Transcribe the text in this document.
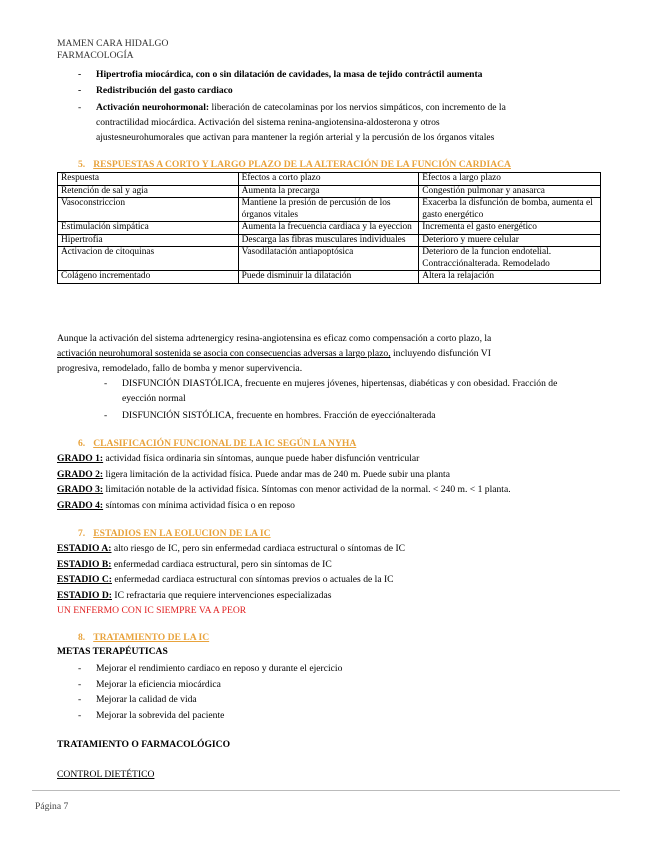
MAMEN CARA HIDALGO
FARMACOLOGÍA
- Hipertrofia miocárdica, con o sin dilatación de cavidades, la masa de tejido contráctil aumenta
- Redistribución del gasto cardiaco
- Activación neurohormonal: liberación de catecolaminas por los nervios simpáticos, con incremento de la
contractilidad miocárdica. Activación del sistema renina-angiotensina-aldosterona y otros
ajustesneurohumorales que activan para mantener la región arterial y la percusión de los órganos vitales
5. RESPUESTAS A CORTO Y LARGO PLAZO DE LA ALTERACIÓN DE LA FUNCIÓN CARDIACA
Respuesta	Efectos a corto plazo	Efectos a largo plazo
Retención de sal y agia	Aumenta la precarga	Congestión pulmonar y anasarca
Vasoconstriccion	Mantiene la presión de percusión de los órganos vitales	Exacerba la disfunción de bomba, aumenta el gasto energético
Estimulación simpática	Aumenta la frecuencia cardiaca y la eyeccion	Incrementa el gasto energético
Hipertrofia	Descarga las fibras musculares individuales	Deterioro y muere celular
Activacion de citoquinas	Vasodilatación antiapoptósica	Deterioro de la funcion endotelial. Contracciónalterada. Remodelado
Colágeno incrementado	Puede disminuir la dilatación	Altera la relajación
Aunque la activación del sistema adrtenergicy resina-angiotensina es eficaz como compensación a corto plazo, la
activación neurohumoral sostenida se asocia con consecuencias adversas a largo plazo, incluyendo disfunción VI
progresiva, remodelado, fallo de bomba y menor supervivencia.
- DISFUNCIÓN DIASTÓLICA, frecuente en mujeres jóvenes, hipertensas, diabéticas y con obesidad. Fracción de
eyección normal
- DISFUNCIÓN SISTÓLICA, frecuente en hombres. Fracción de eyecciónalterada
6. CLASIFICACIÓN FUNCIONAL DE LA IC SEGÚN LA NYHA
GRADO 1: actividad física ordinaria sin síntomas, aunque puede haber disfunción ventricular
GRADO 2: ligera limitación de la actividad física. Puede andar mas de 240 m. Puede subir una planta
GRADO 3: limitación notable de la actividad física. Síntomas con menor actividad de la normal. < 240 m. < 1 planta.
GRADO 4: síntomas con mínima actividad física o en reposo
7. ESTADIOS EN LA EOLUCION DE LA IC
ESTADIO A: alto riesgo de IC, pero sin enfermedad cardiaca estructural o síntomas de IC
ESTADIO B: enfermedad cardiaca estructural, pero sin síntomas de IC
ESTADIO C: enfermedad cardiaca estructural con síntomas previos o actuales de la IC
ESTADIO D: IC refractaria que requiere intervenciones especializadas
UN ENFERMO CON IC SIEMPRE VA A PEOR
8. TRATAMIENTO DE LA IC
METAS TERAPÉUTICAS
- Mejorar el rendimiento cardiaco en reposo y durante el ejercicio
- Mejorar la eficiencia miocárdica
- Mejorar la calidad de vida
- Mejorar la sobrevida del paciente
TRATAMIENTO O FARMACOLÓGICO
CONTROL DIETÉTICO
Página 7
